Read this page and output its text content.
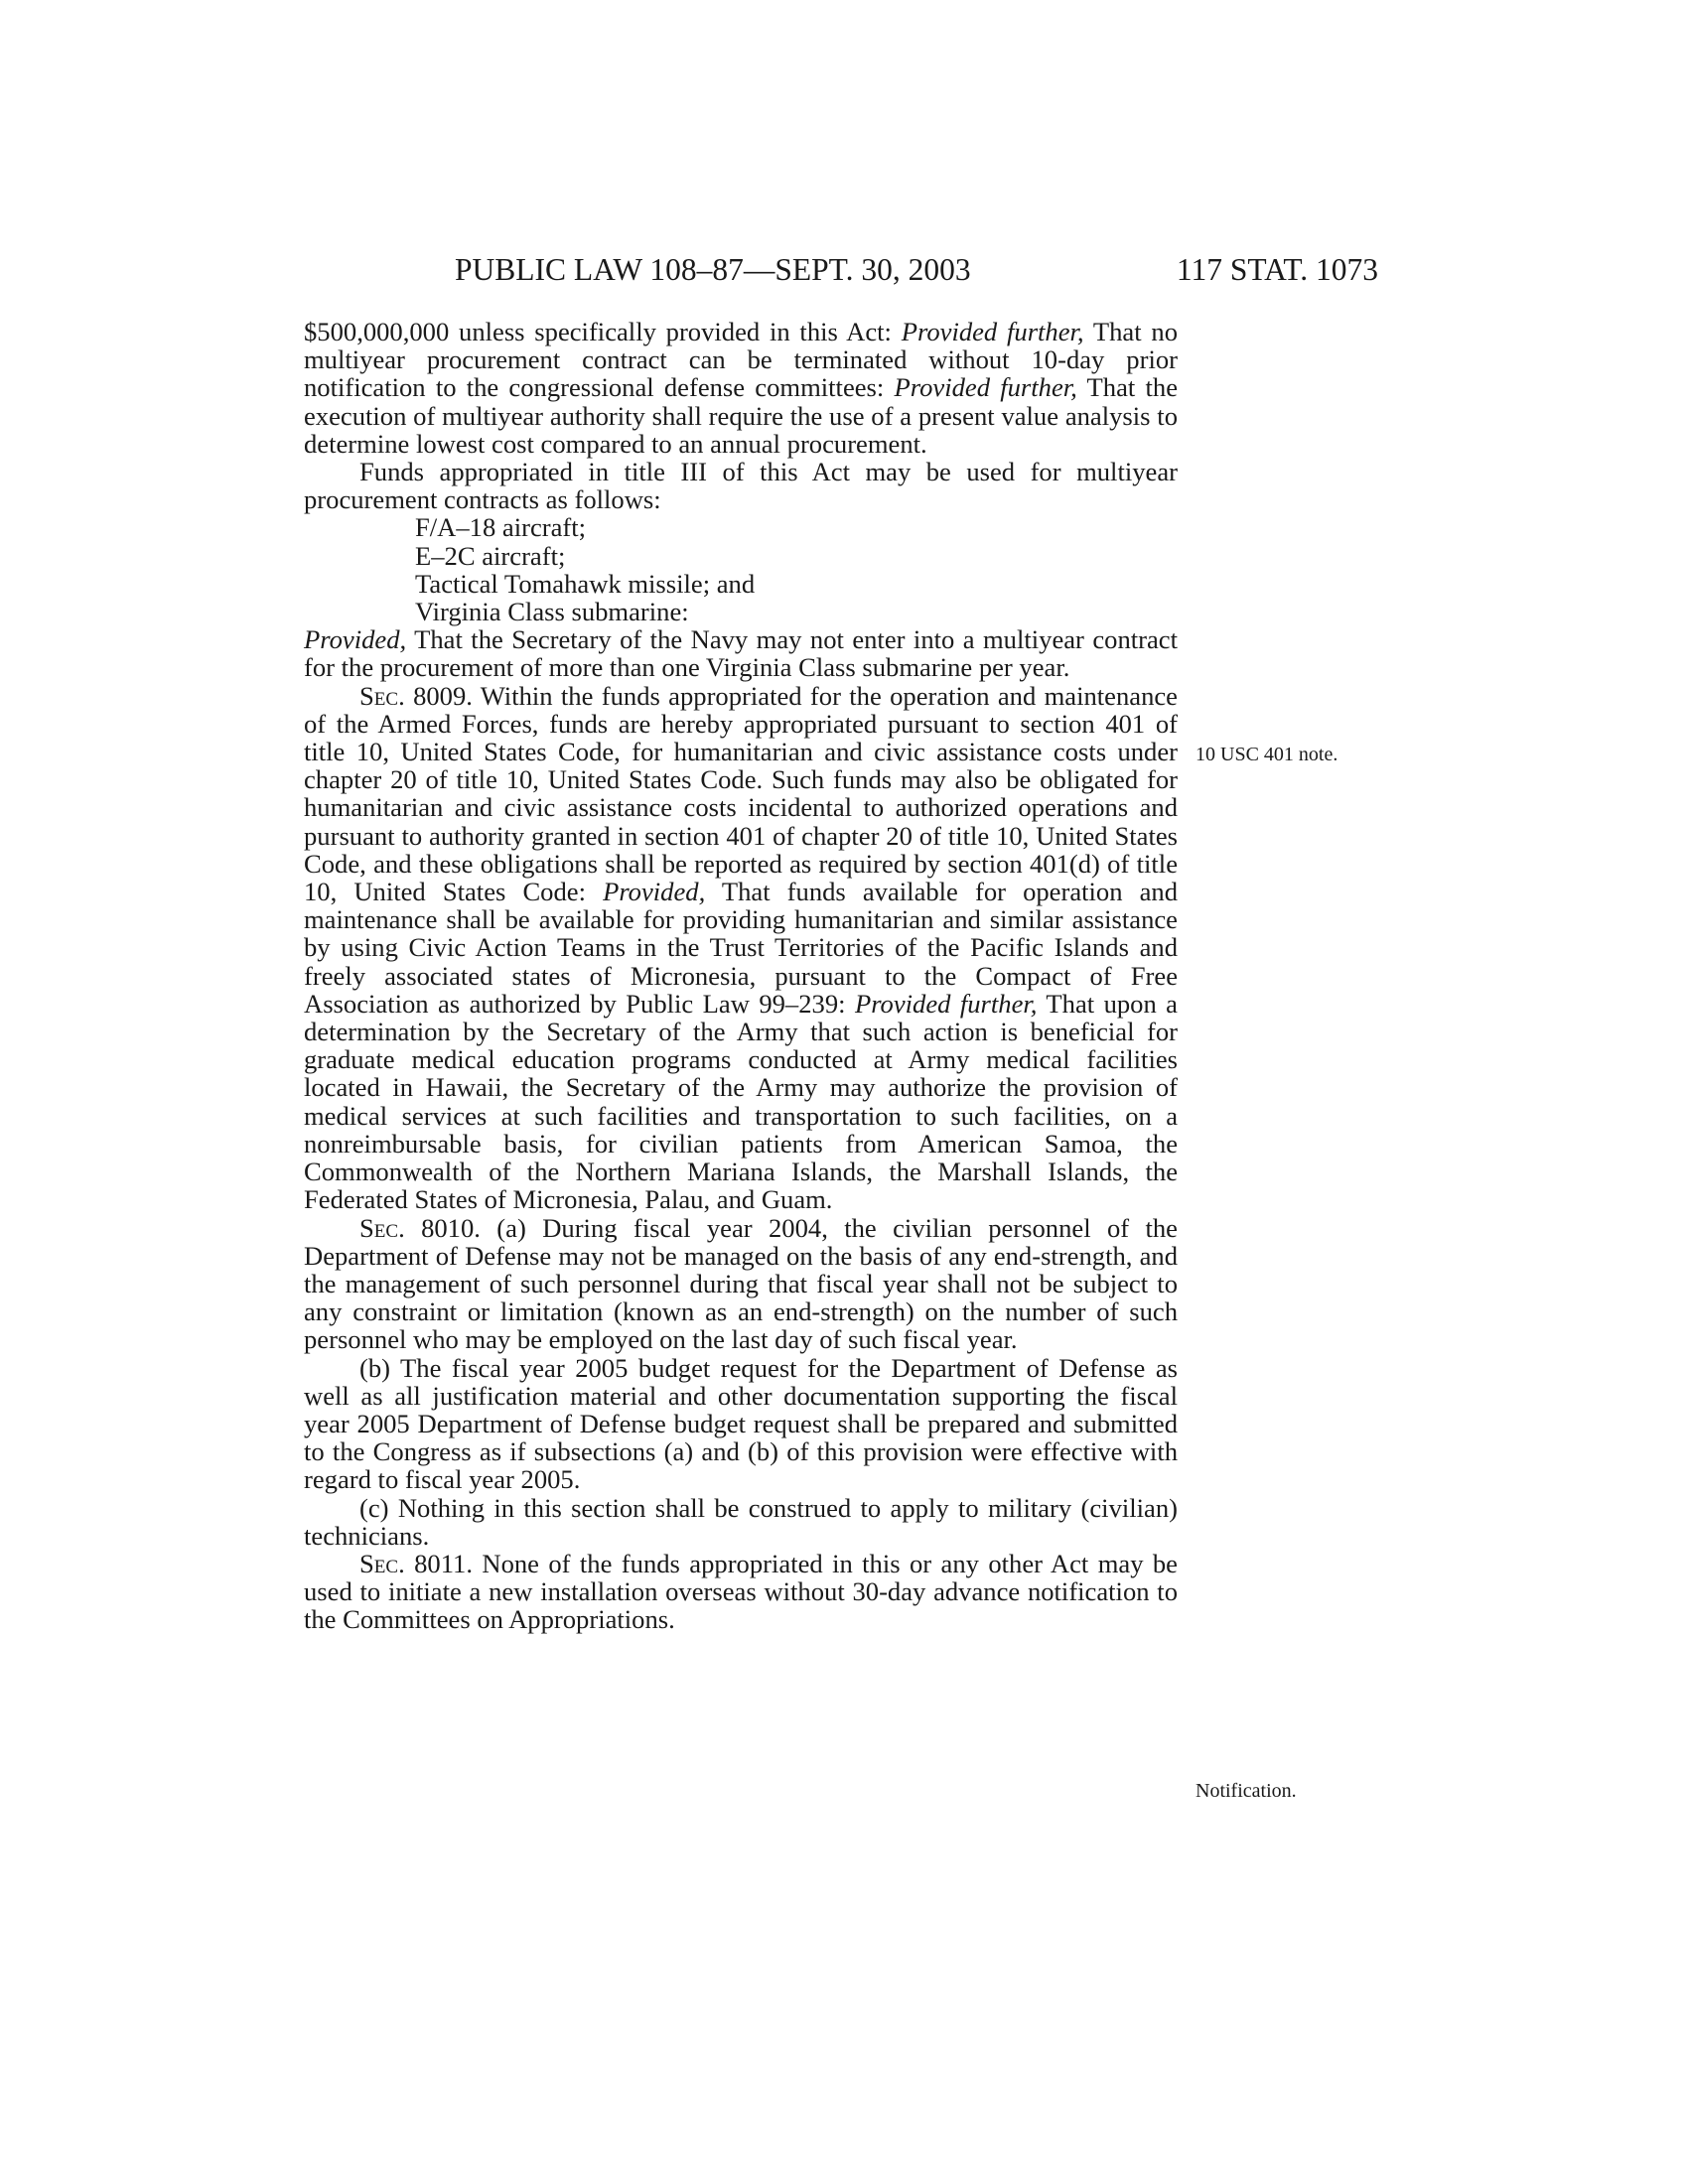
PUBLIC LAW 108–87—SEPT. 30, 2003	117 STAT. 1073
10 USC 401 note.
Notification.

$500,000,000 unless specifically provided in this Act: Provided further, That no multiyear procurement contract can be terminated without 10-day prior notification to the congressional defense committees: Provided further, That the execution of multiyear authority shall require the use of a present value analysis to determine lowest cost compared to an annual procurement.

Funds appropriated in title III of this Act may be used for multiyear procurement contracts as follows:

F/A–18 aircraft;
E–2C aircraft;
Tactical Tomahawk missile; and
Virginia Class submarine:

Provided, That the Secretary of the Navy may not enter into a multiyear contract for the procurement of more than one Virginia Class submarine per year.

Sec. 8009. Within the funds appropriated for the operation and maintenance of the Armed Forces, funds are hereby appropriated pursuant to section 401 of title 10, United States Code, for humanitarian and civic assistance costs under chapter 20 of title 10, United States Code. Such funds may also be obligated for humanitarian and civic assistance costs incidental to authorized operations and pursuant to authority granted in section 401 of chapter 20 of title 10, United States Code, and these obligations shall be reported as required by section 401(d) of title 10, United States Code: Provided, That funds available for operation and maintenance shall be available for providing humanitarian and similar assistance by using Civic Action Teams in the Trust Territories of the Pacific Islands and freely associated states of Micronesia, pursuant to the Compact of Free Association as authorized by Public Law 99–239: Provided further, That upon a determination by the Secretary of the Army that such action is beneficial for graduate medical education programs conducted at Army medical facilities located in Hawaii, the Secretary of the Army may authorize the provision of medical services at such facilities and transportation to such facilities, on a nonreimbursable basis, for civilian patients from American Samoa, the Commonwealth of the Northern Mariana Islands, the Marshall Islands, the Federated States of Micronesia, Palau, and Guam.

Sec. 8010. (a) During fiscal year 2004, the civilian personnel of the Department of Defense may not be managed on the basis of any end-strength, and the management of such personnel during that fiscal year shall not be subject to any constraint or limitation (known as an end-strength) on the number of such personnel who may be employed on the last day of such fiscal year.

(b) The fiscal year 2005 budget request for the Department of Defense as well as all justification material and other documentation supporting the fiscal year 2005 Department of Defense budget request shall be prepared and submitted to the Congress as if subsections (a) and (b) of this provision were effective with regard to fiscal year 2005.

(c) Nothing in this section shall be construed to apply to military (civilian) technicians.

Sec. 8011. None of the funds appropriated in this or any other Act may be used to initiate a new installation overseas without 30-day advance notification to the Committees on Appropriations.
